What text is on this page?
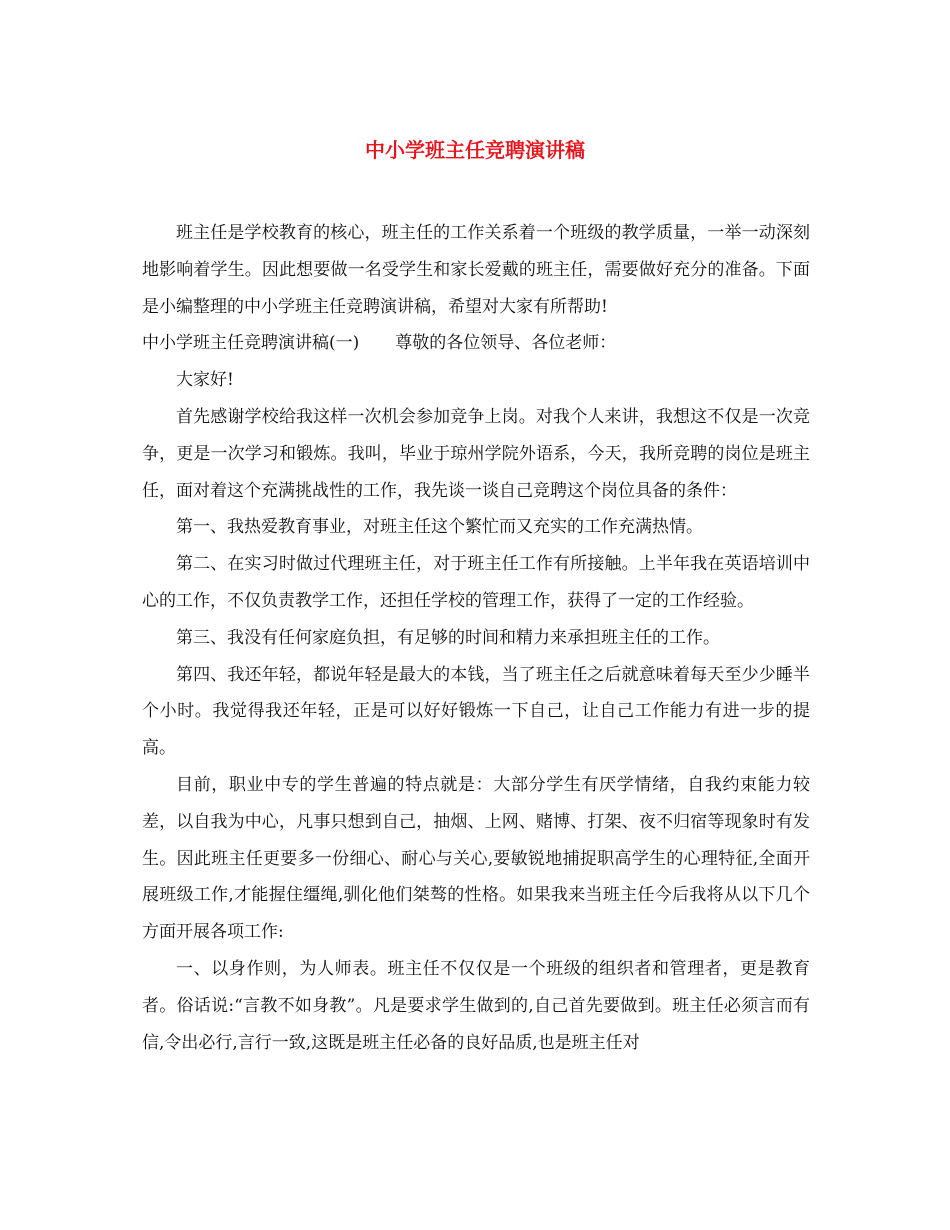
中小学班主任竞聘演讲稿

班主任是学校教育的核心，班主任的工作关系着一个班级的教学质量，一举一动深刻地影响着学生。因此想要做一名受学生和家长爱戴的班主任，需要做好充分的准备。下面是小编整理的中小学班主任竞聘演讲稿，希望对大家有所帮助!

中小学班主任竞聘演讲稿(一) 尊敬的各位领导、各位老师：

大家好!

首先感谢学校给我这样一次机会参加竞争上岗。对我个人来讲，我想这不仅是一次竞争，更是一次学习和锻炼。我叫，毕业于琼州学院外语系，今天，我所竞聘的岗位是班主任，面对着这个充满挑战性的工作，我先谈一谈自己竞聘这个岗位具备的条件：

第一、我热爱教育事业，对班主任这个繁忙而又充实的工作充满热情。

第二、在实习时做过代理班主任，对于班主任工作有所接触。上半年我在英语培训中心的工作，不仅负责教学工作，还担任学校的管理工作，获得了一定的工作经验。

第三、我没有任何家庭负担，有足够的时间和精力来承担班主任的工作。

第四、我还年轻，都说年轻是最大的本钱，当了班主任之后就意味着每天至少少睡半个小时。我觉得我还年轻，正是可以好好锻炼一下自己，让自己工作能力有进一步的提高。

目前，职业中专的学生普遍的特点就是：大部分学生有厌学情绪，自我约束能力较差，以自我为中心，凡事只想到自己，抽烟、上网、赌博、打架、夜不归宿等现象时有发生。因此班主任更要多一份细心、耐心与关心,要敏锐地捕捉职高学生的心理特征,全面开展班级工作,才能握住缰绳,驯化他们桀骜的性格。如果我来当班主任今后我将从以下几个方面开展各项工作:

一、以身作则，为人师表。班主任不仅仅是一个班级的组织者和管理者，更是教育者。俗话说:“言教不如身教”。凡是要求学生做到的,自己首先要做到。班主任必须言而有信,令出必行,言行一致,这既是班主任必备的良好品质,也是班主任对
